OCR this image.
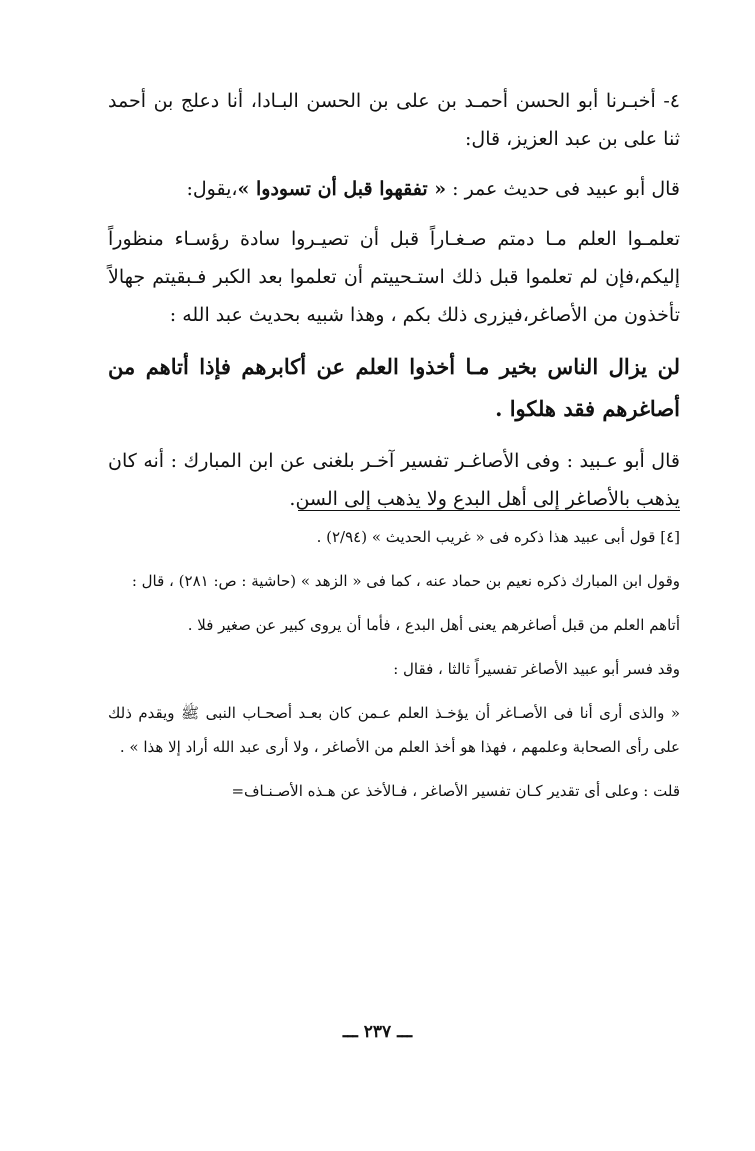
٤- أخبـرنا أبو الحسن أحمـد بن على بن الحسن البـادا، أنا دعلج بن أحمد ثنا على بن عبد العزيز، قال:

قال أبو عبيد فى حديث عمر : « تفقهوا قبل أن تسودوا »،يقول:

تعلمـوا العلم مـا دمتم صـغـاراً قبل أن تصيـروا سادة رؤسـاء منظوراً إليكم،فإن لم تعلموا قبل ذلك استـحييتم أن تعلموا بعد الكبر فـبقيتم جهالاً تأخذون من الأصاغر،فيزرى ذلك بكم ، وهذا شبيه بحديث عبد الله :

لن يزال الناس بخير مـا أخذوا العلم عن أكابرهم فإذا أتاهم من أصاغرهم فقد هلكوا .

قال أبو عـبيد : وفى الأصاغـر تفسير آخـر بلغنى عن ابن المبارك : أنه كان يذهب بالأصاغر إلى أهل البدع ولا يذهب إلى السن.

[٤] قول أبى عبيد هذا ذكره فى « غريب الحديث » (٢/٩٤) .

وقول ابن المبارك ذكره نعيم بن حماد عنه ، كما فى « الزهد » (حاشية : ص: ٢٨١) ، قال :

أتاهم العلم من قبل أصاغرهم يعنى أهل البدع ، فأما أن يروى كبير عن صغير فلا .

وقد فسر أبو عبيد الأصاغر تفسيراً ثالثا ، فقال :

« والذى أرى أنا فى الأصـاغر أن يؤخـذ العلم عـمن كان بعـد أصحـاب النبى ﷺ ويقدم ذلك على رأى الصحابة وعلمهم ، فهذا هو أخذ العلم من الأصاغر ، ولا أرى عبد الله أراد إلا هذا » .

قلت : وعلى أى تقدير كـان تفسير الأصاغر ، فـالأخذ عن هـذه الأصـنـاف=

ـــ ٢٣٧ ـــ
